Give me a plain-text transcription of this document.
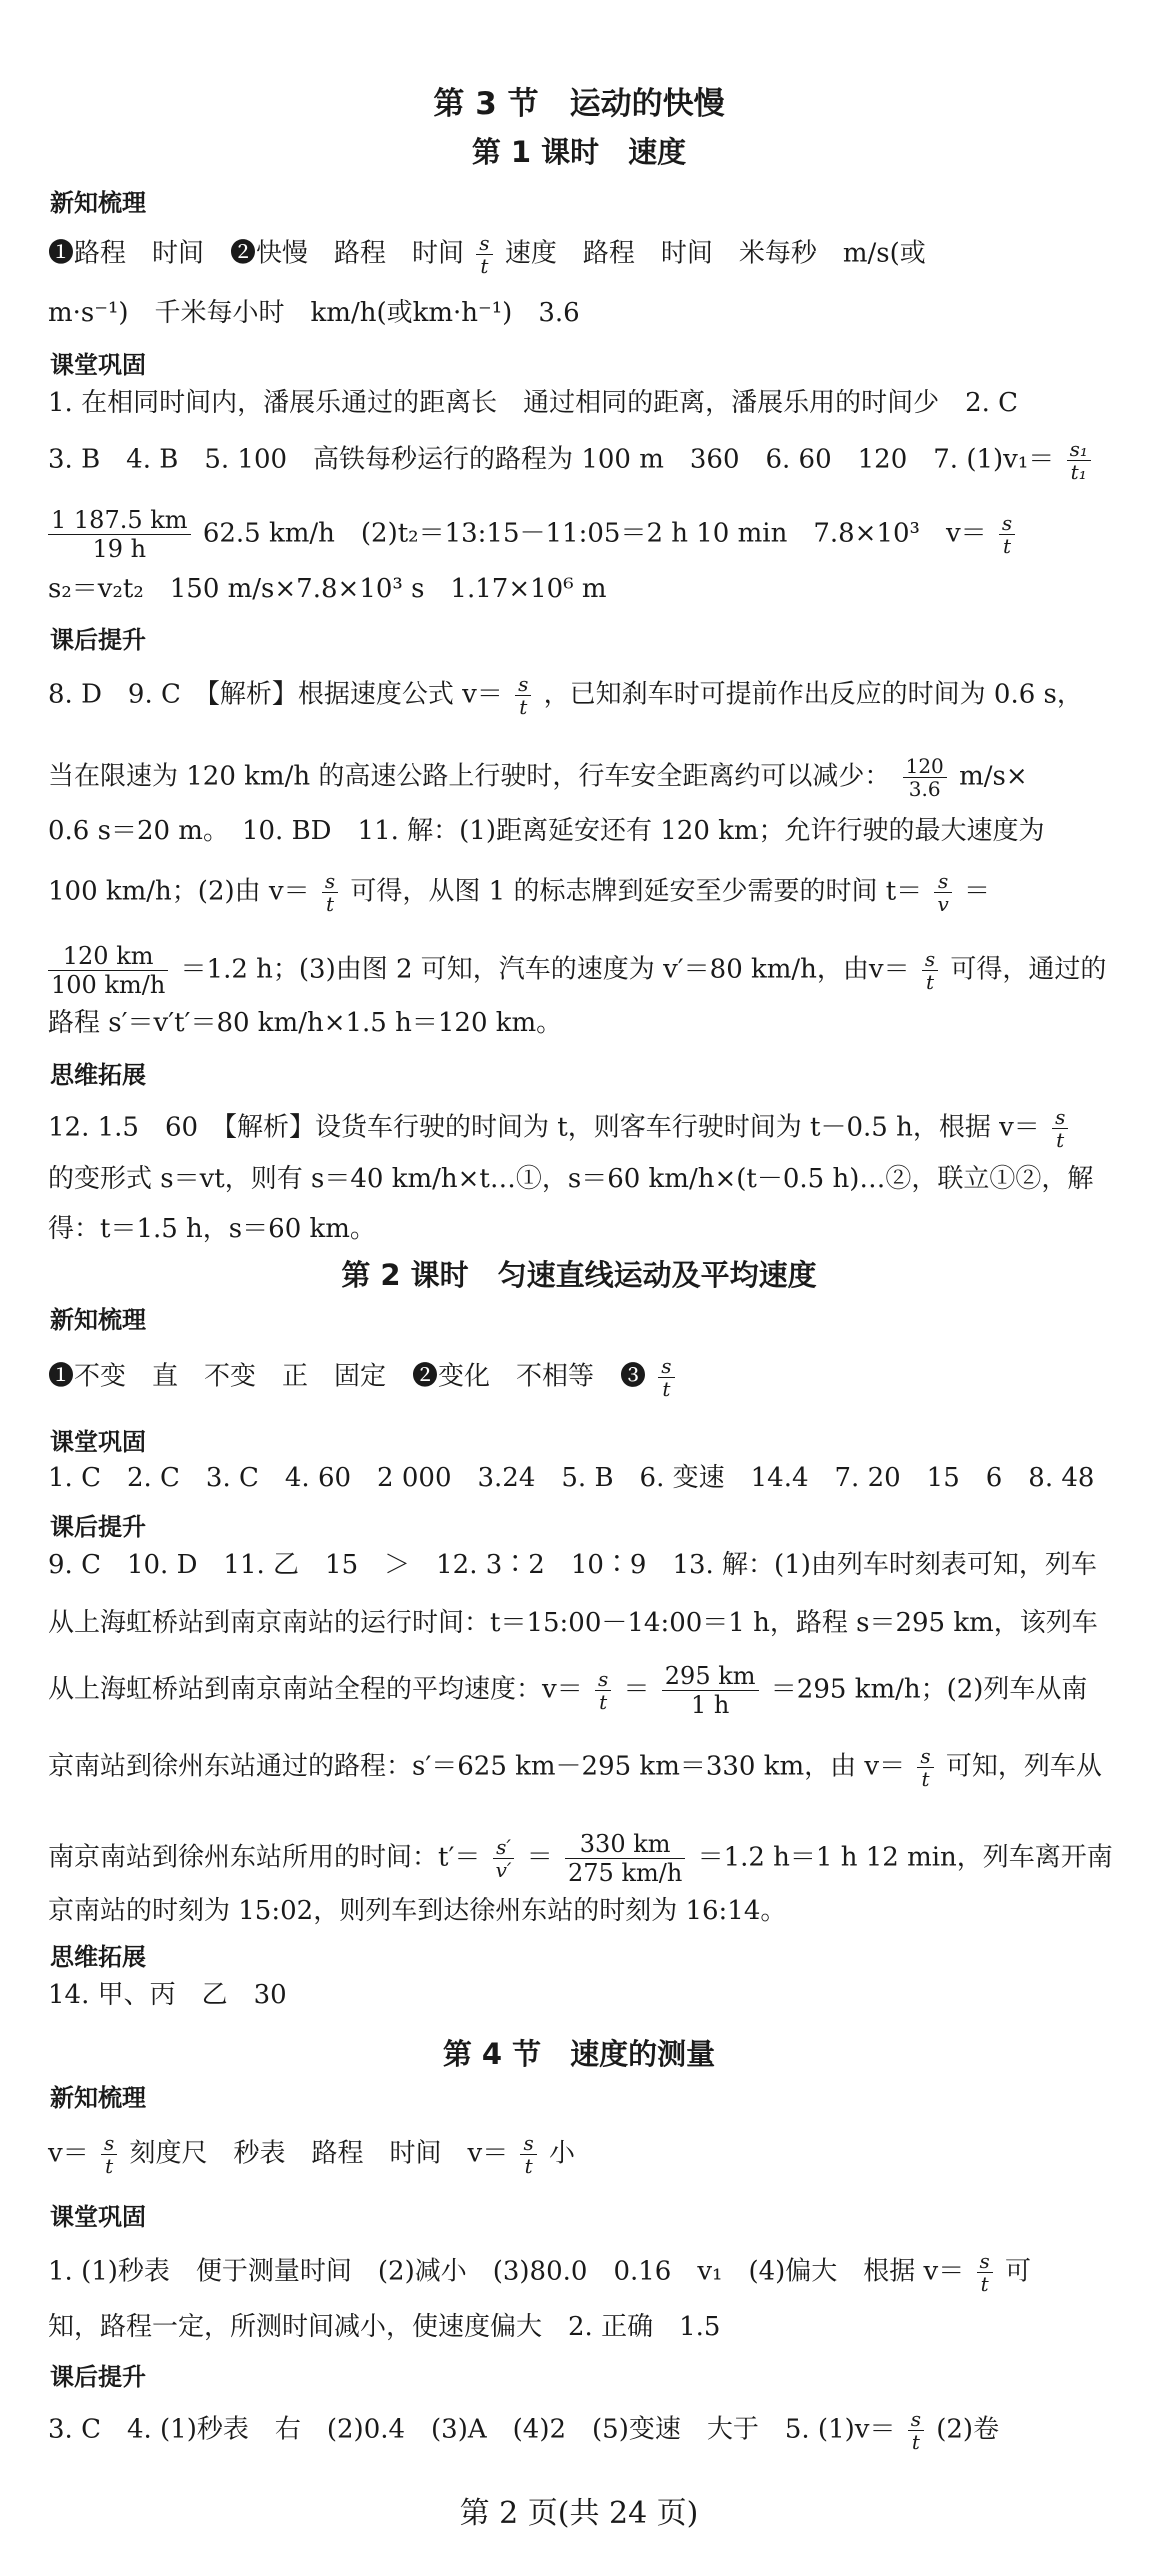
第 3 节　运动的快慢
第 1 课时　速度
新知梳理
❶路程　时间　❷快慢　路程　时间 $\frac{s}{t}$ 速度　路程　时间　米每秒　m/s(或
m·s⁻¹)　千米每小时　km/h(或km·h⁻¹)　3.6
课堂巩固
1. 在相同时间内，潘展乐通过的距离长　通过相同的距离，潘展乐用的时间少　2. C
3. B　4. B　5. 100　高铁每秒运行的路程为 100 m　360　6. 60　120　7. $(1)v_1= \frac{\text{s₁}}{\text{t₁}}$
$\frac{1 187.5 km}{19 h} 62.5$ km/h　(2)t₂＝13:15－11:05＝2 h 10 min　7.8×10³　$v= \frac{s}{t}$
s₂＝v₂t₂　150 m/s×7.8×10³ s　1.17×10⁶ m
课后提升
8. D　9. C　【解析】根据速度公式 $v= \frac{s}{t}$ ，已知刹车时可提前作出反应的时间为 0.6 s，
当在限速为 120 km/h 的高速公路上行驶时，行车安全距离约可以减少： $\frac{120}{3.6} m/s\times$
0.6 s＝20 m。　10. BD　11. 解：(1)距离延安还有 120 km；允许行驶的最大速度为
100 km/h；(2)由 $v= \frac{s}{t}$ 可得，从图 1 的标志牌到延安至少需要的时间 $t= \frac{s}{v}$ ＝
$\frac{120 km}{100 km/h} =1.2$ h；(3)由图 2 可知，汽车的速度为 v′＝80 km/h，由$v= \frac{s}{t}$ 可得，通过的
路程 s′＝v′t′＝80 km/h×1.5 h＝120 km。
思维拓展
12. 1.5　60　【解析】设货车行驶的时间为 t，则客车行驶时间为 t－0.5 h，根据 $v= \frac{s}{t}$
的变形式 s＝vt，则有 s＝40 km/h×t…①，s＝60 km/h×(t－0.5 h)…②，联立①②，解
得：t＝1.5 h，s＝60 km。
第 2 课时　匀速直线运动及平均速度
新知梳理
❶不变　直　不变　正　固定　❷变化　不相等　❸ $\frac{s}{t}$
课堂巩固
1. C　2. C　3. C　4. 60　2 000　3.24　5. B　6. 变速　14.4　7. 20　15　6　8. 48
课后提升
9. C　10. D　11. 乙　15　＞　12. 3∶2　10∶9　13. 解：(1)由列车时刻表可知，列车
从上海虹桥站到南京南站的运行时间：t＝15:00－14:00＝1 h，路程 s＝295 km，该列车
从上海虹桥站到南京南站全程的平均速度：$v= \frac{s}{t} = \frac{295 km}{1 h} =295$ km/h；(2)列车从南
京南站到徐州东站通过的路程：s′＝625 km－295 km＝330 km，由 $v= \frac{s}{t}$ 可知，列车从
南京南站到徐州东站所用的时间：$t'= \frac{s'}{v'} = \frac{330 km}{275 km/h} =1.2$ h＝1 h 12 min，列车离开南
京南站的时刻为 15:02，则列车到达徐州东站的时刻为 16:14。
思维拓展
14. 甲、丙　乙　30
第 4 节　速度的测量
新知梳理
$v= \frac{s}{t}$ 刻度尺　秒表　路程　时间　$v= \frac{s}{t}$ 小
课堂巩固
1. (1)秒表　便于测量时间　(2)减小　(3)80.0　0.16　v₁　(4)偏大　根据 $v= \frac{s}{t}$ 可
知，路程一定，所测时间减小，使速度偏大　2. 正确　1.5
课后提升
3. C　4. (1)秒表　右　(2)0.4　(3)A　(4)2　(5)变速　大于　5. $(1)v= \frac{s}{t} (2)$卷
第 2 页(共 24 页)
